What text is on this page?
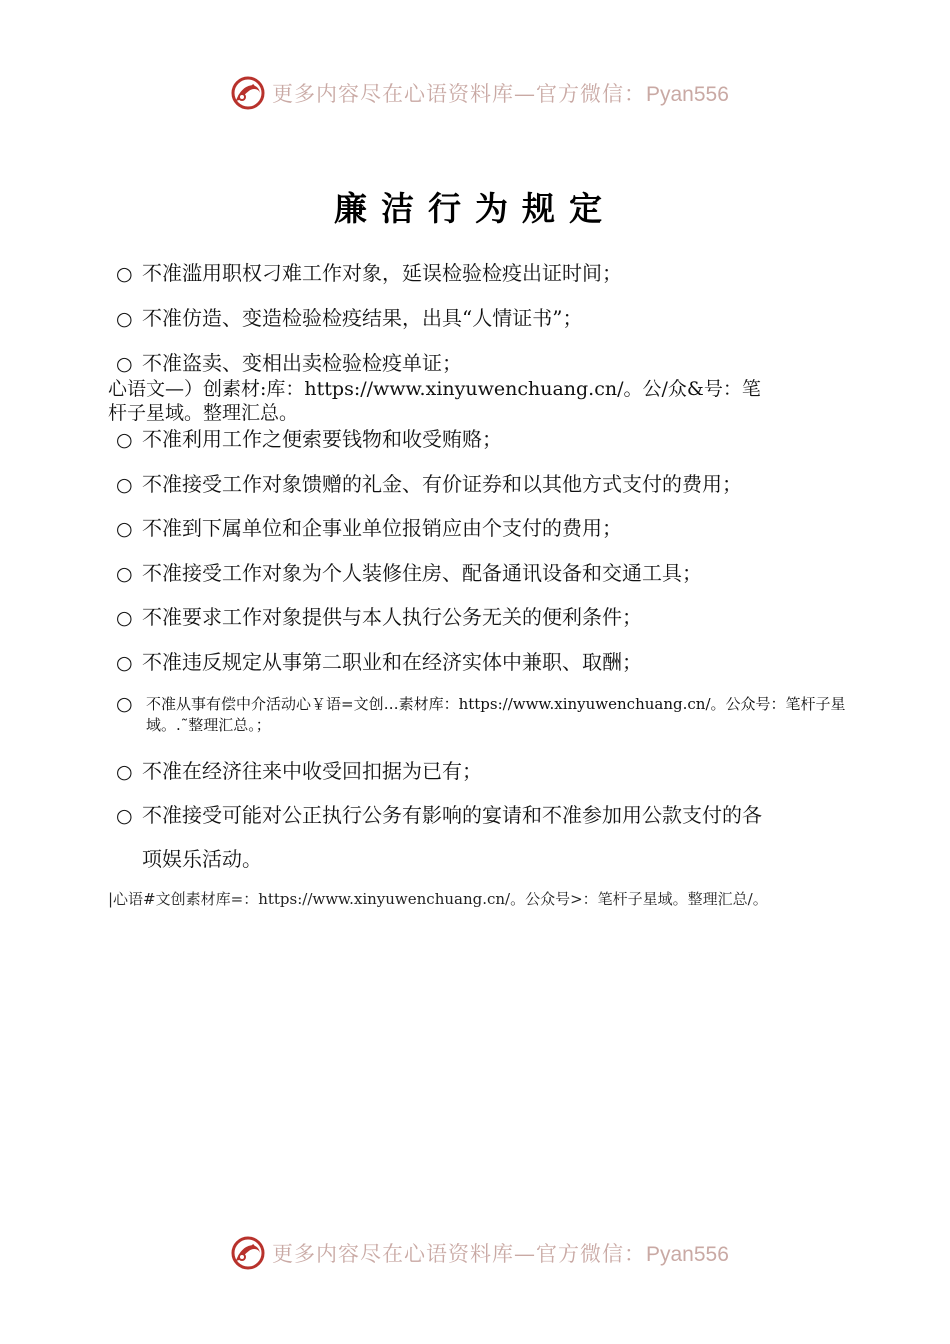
更多内容尽在心语资料库—官方微信：Pyan556
廉洁行为规定
○ 不准滥用职权刁难工作对象，延误检验检疫出证时间；
○ 不准仿造、变造检验检疫结果，出具“人情证书”；
○ 不准盗卖、变相出卖检验检疫单证；
心语文—）创素材:库：https://www.xinyuwenchuang.cn/。公/众&号：笔
杆子星域。整理汇总。
○ 不准利用工作之便索要钱物和收受贿赂；
○ 不准接受工作对象馈赠的礼金、有价证券和以其他方式支付的费用；
○ 不准到下属单位和企事业单位报销应由个支付的费用；
○ 不准接受工作对象为个人装修住房、配备通讯设备和交通工具；
○ 不准要求工作对象提供与本人执行公务无关的便利条件；
○ 不准违反规定从事第二职业和在经济实体中兼职、取酬；
○ 不准从事有偿中介活动心￥语=文创…素材库：https://www.xinyuwenchuang.cn/。公众号：笔杆子星域。.˜整理汇总。；
○ 不准在经济往来中收受回扣据为已有；
○ 不准接受可能对公正执行公务有影响的宴请和不准参加用公款支付的各
项娱乐活动。
|心语#文创素材库=：https://www.xinyuwenchuang.cn/。公众号>：笔杆子星域。整理汇总/。
更多内容尽在心语资料库—官方微信：Pyan556
